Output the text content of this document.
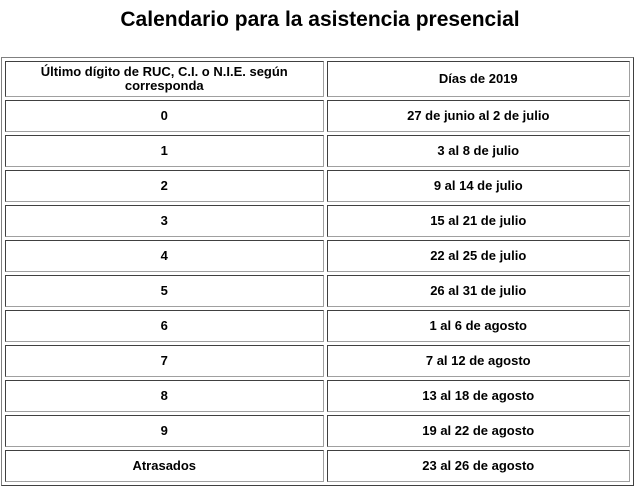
Calendario para la asistencia presencial
Último dígito de RUC, C.I. o N.I.E. según corresponda	Días de 2019
0	27 de junio al 2 de julio
1	3 al 8 de julio
2	9 al 14 de julio
3	15 al 21 de julio
4	22 al 25 de julio
5	26 al 31 de julio
6	1 al 6 de agosto
7	7 al 12 de agosto
8	13 al 18 de agosto
9	19 al 22 de agosto
Atrasados	23 al 26 de agosto
